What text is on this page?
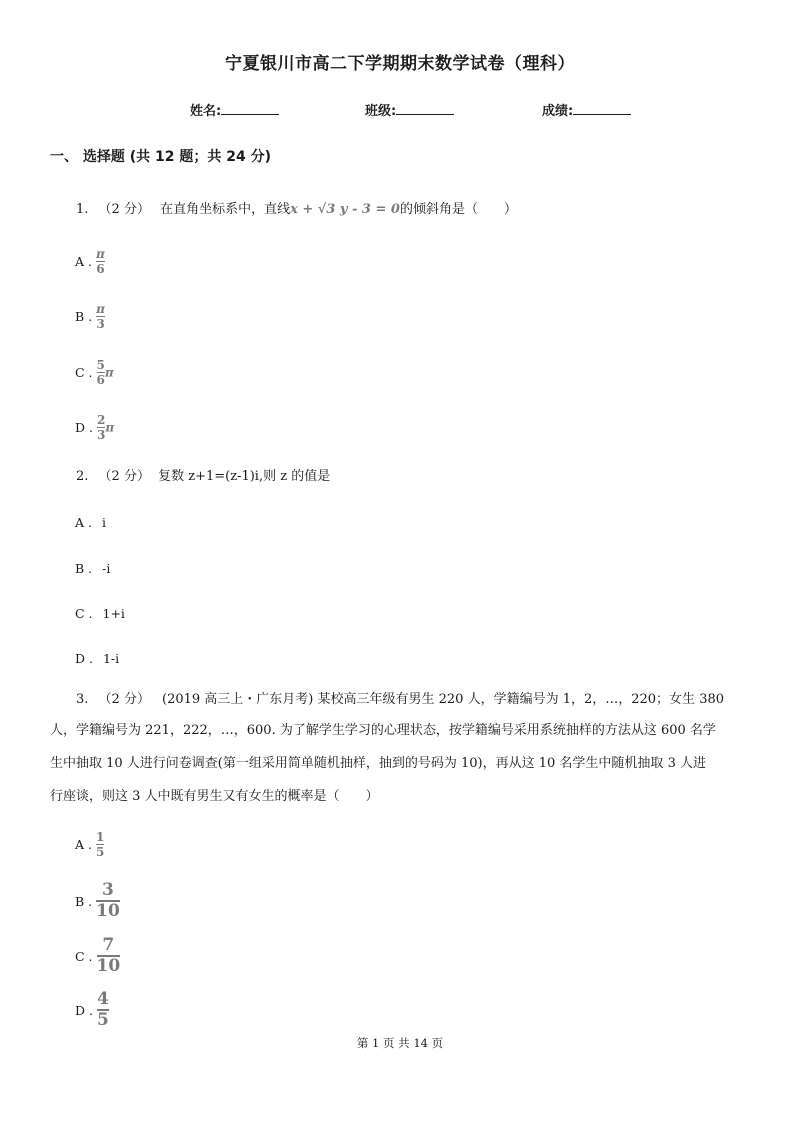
宁夏银川市高二下学期期末数学试卷（理科）
姓名:	班级:	成绩:
一、 选择题 (共 12 题；共 24 分)
1. （2 分） 在直角坐标系中，直线x + √3 y - 3 = 0的倾斜角是（　　）
A . $\frac{\pi}{6}$
B . $\frac{\pi}{3}$
C . $\frac{5}{6}$ π
D . $\frac{2}{3}$ π
2. （2 分） 复数 z+1=(z-1)i,则 z 的值是
A . i
B . -i
C . 1+i
D . 1-i
3. （2 分） (2019 高三上・广东月考) 某校高三年级有男生 220 人，学籍编号为 1，2，…，220；女生 380
人，学籍编号为 221，222，…，600. 为了解学生学习的心理状态，按学籍编号采用系统抽样的方法从这 600 名学
生中抽取 10 人进行问卷调查(第一组采用简单随机抽样，抽到的号码为 10)，再从这 10 名学生中随机抽取 3 人进
行座谈，则这 3 人中既有男生又有女生的概率是（　　）
A . $\frac{1}{5}$
B . $\frac{3}{10}$
C . $\frac{7}{10}$
D . $\frac{4}{5}$
第 1 页 共 14 页
